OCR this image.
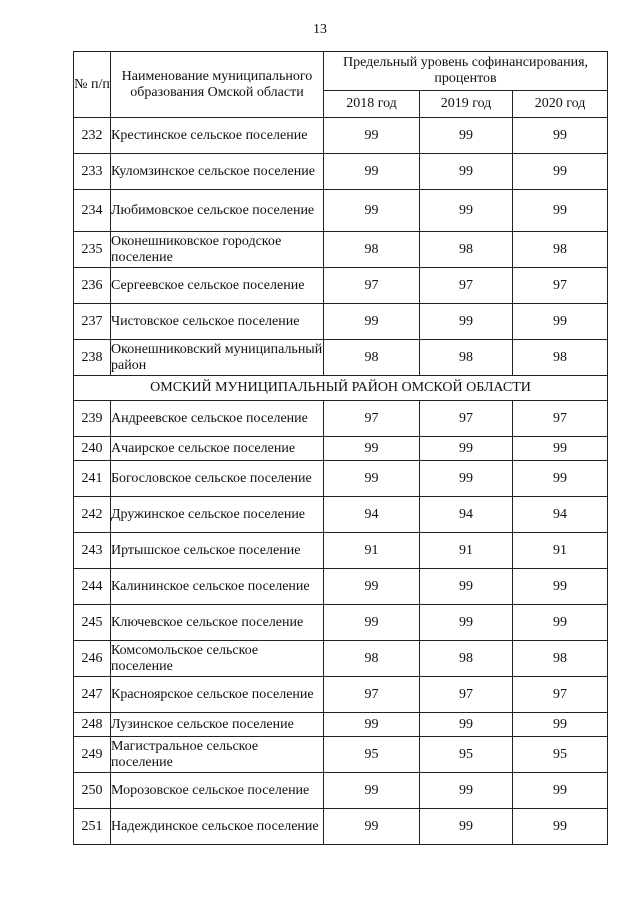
13
№ п/п	Наименование муниципального образования Омской области	Предельный уровень софинансирования, процентов		
		2018 год	2019 год	2020 год
232	Крестинское сельское поселение	99	99	99
233	Куломзинское сельское поселение	99	99	99
234	Любимовское сельское поселение	99	99	99
235	Оконешниковское городское поселение	98	98	98
236	Сергеевское сельское поселение	97	97	97
237	Чистовское сельское поселение	99	99	99
238	Оконешниковский муниципальный район	98	98	98
ОМСКИЙ МУНИЦИПАЛЬНЫЙ РАЙОН ОМСКОЙ ОБЛАСТИ				
239	Андреевское сельское поселение	97	97	97
240	Ачаирское сельское поселение	99	99	99
241	Богословское сельское поселение	99	99	99
242	Дружинское сельское поселение	94	94	94
243	Иртышское сельское поселение	91	91	91
244	Калининское сельское поселение	99	99	99
245	Ключевское сельское поселение	99	99	99
246	Комсомольское сельское поселение	98	98	98
247	Красноярское сельское поселение	97	97	97
248	Лузинское сельское поселение	99	99	99
249	Магистральное сельское поселение	95	95	95
250	Морозовское сельское поселение	99	99	99
251	Надеждинское сельское поселение	99	99	99
